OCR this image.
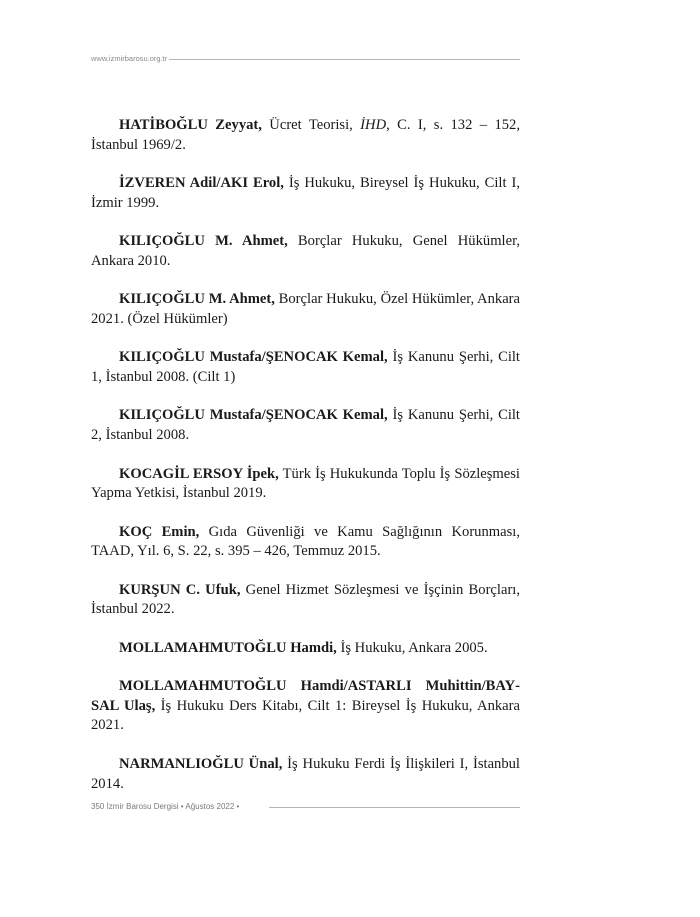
www.izmirbarosu.org.tr

HATİBOĞLU Zeyyat, Ücret Teorisi, İHD, C. I, s. 132 – 152, İstanbul 1969/2.

İZVEREN Adil/AKI Erol, İş Hukuku, Bireysel İş Hukuku, Cilt I, İzmir 1999.

KILIÇOĞLU M. Ahmet, Borçlar Hukuku, Genel Hükümler, Ankara 2010.

KILIÇOĞLU M. Ahmet, Borçlar Hukuku, Özel Hükümler, Ankara 2021. (Özel Hükümler)

KILIÇOĞLU Mustafa/ŞENOCAK Kemal, İş Kanunu Şerhi, Cilt 1, İstanbul 2008. (Cilt 1)

KILIÇOĞLU Mustafa/ŞENOCAK Kemal, İş Kanunu Şerhi, Cilt 2, İstanbul 2008.

KOCAGİL ERSOY İpek, Türk İş Hukukunda Toplu İş Sözleşmesi Yapma Yetkisi, İstanbul 2019.

KOÇ Emin, Gıda Güvenliği ve Kamu Sağlığının Korunması, TAAD, Yıl. 6, S. 22, s. 395 – 426, Temmuz 2015.

KURŞUN C. Ufuk, Genel Hizmet Sözleşmesi ve İşçinin Borçları, İstanbul 2022.

MOLLAMAHMUTOĞLU Hamdi, İş Hukuku, Ankara 2005.

MOLLAMAHMUTOĞLU Hamdi/ASTARLI Muhittin/BAYSAL Ulaş, İş Hukuku Ders Kitabı, Cilt 1: Bireysel İş Hukuku, Ankara 2021.

NARMANLIOĞLU Ünal, İş Hukuku Ferdi İş İlişkileri I, İstanbul 2014.

350 İzmir Barosu Dergisi • Ağustos 2022 •
